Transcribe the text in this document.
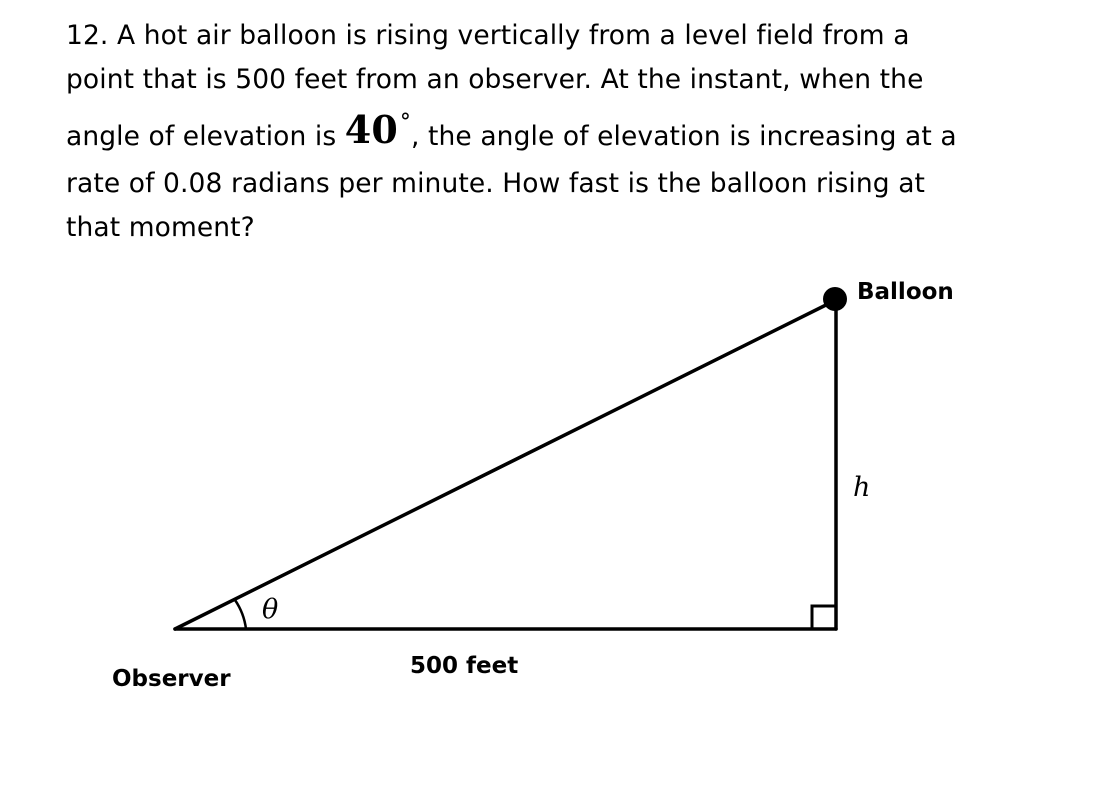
12. A hot air balloon is rising vertically from a level field from a
point that is 500 feet from an observer. At the instant, when the
angle of elevation is 40°, the angle of elevation is increasing at a
rate of 0.08 radians per minute. How fast is the balloon rising at
that moment?
Balloon
h
θ
500 feet
Observer
